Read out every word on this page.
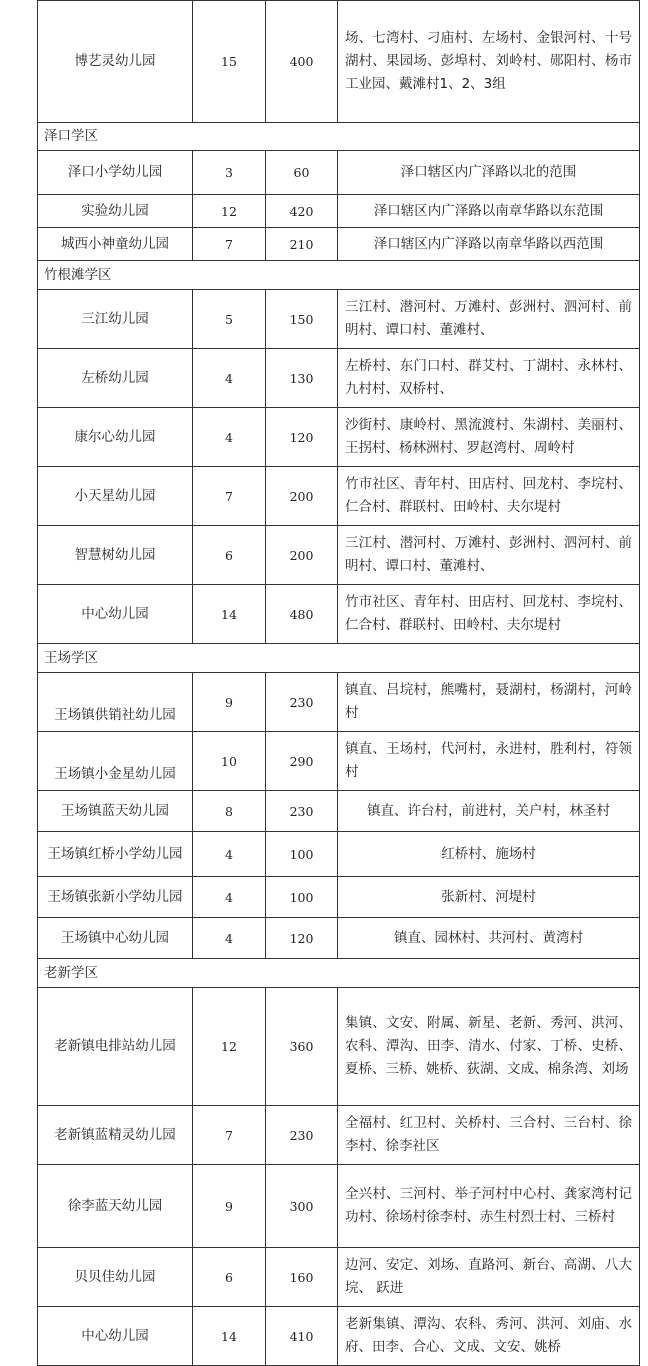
博艺灵幼儿园	15	400	场、七湾村、刁庙村、左场村、金银河村、十号湖村、果园场、彭埠村、刘岭村、郧阳村、杨市工业园、戴滩村1、2、3组
泽口学区			
泽口小学幼儿园	3	60	泽口辖区内广泽路以北的范围
实验幼儿园	12	420	泽口辖区内广泽路以南章华路以东范围
城西小神童幼儿园	7	210	泽口辖区内广泽路以南章华路以西范围
竹根滩学区			
三江幼儿园	5	150	三江村、潜河村、万滩村、彭洲村、泗河村、前明村、谭口村、董滩村、
左桥幼儿园	4	130	左桥村、东门口村、群艾村、丁湖村、永林村、九村村、双桥村、
康尔心幼儿园	4	120	沙街村、康岭村、黑流渡村、朱湖村、美丽村、王拐村、杨林洲村、罗赵湾村、周岭村
小天星幼儿园	7	200	竹市社区、青年村、田店村、回龙村、李垸村、仁合村、群联村、田岭村、夫尔堤村
智慧树幼儿园	6	200	三江村、潜河村、万滩村、彭洲村、泗河村、前明村、谭口村、董滩村、
中心幼儿园	14	480	竹市社区、青年村、田店村、回龙村、李垸村、仁合村、群联村、田岭村、夫尔堤村
王场学区			
王场镇供销社幼儿园	9	230	镇直、吕垸村，熊嘴村，聂湖村，杨湖村，河岭村
王场镇小金星幼儿园	10	290	镇直、王场村，代河村，永进村，胜利村，符领村
王场镇蓝天幼儿园	8	230	镇直、许台村，前进村，关户村，林圣村
王场镇红桥小学幼儿园	4	100	红桥村、施场村
王场镇张新小学幼儿园	4	100	张新村、河堤村
王场镇中心幼儿园	4	120	镇直、园林村、共河村、黄湾村
老新学区			
老新镇电排站幼儿园	12	360	集镇、文安、附属、新星、老新、秀河、洪河、农科、潭沟、田李、清水、付家、丁桥、史桥、夏桥、三桥、姚桥、荻湖、文成、棉条湾、刘场
老新镇蓝精灵幼儿园	7	230	全福村、红卫村、关桥村、三合村、三台村、徐李村、徐李社区
徐李蓝天幼儿园	9	300	全兴村、三河村、举子河村中心村、龚家湾村记功村、徐场村徐李村、赤生村烈士村、三桥村
贝贝佳幼儿园	6	160	边河、安定、刘场、直路河、新台、高湖、八大垸、 跃进
中心幼儿园	14	410	老新集镇、潭沟、农科、秀河、洪河、刘庙、水府、田李、合心、文成、文安、姚桥
